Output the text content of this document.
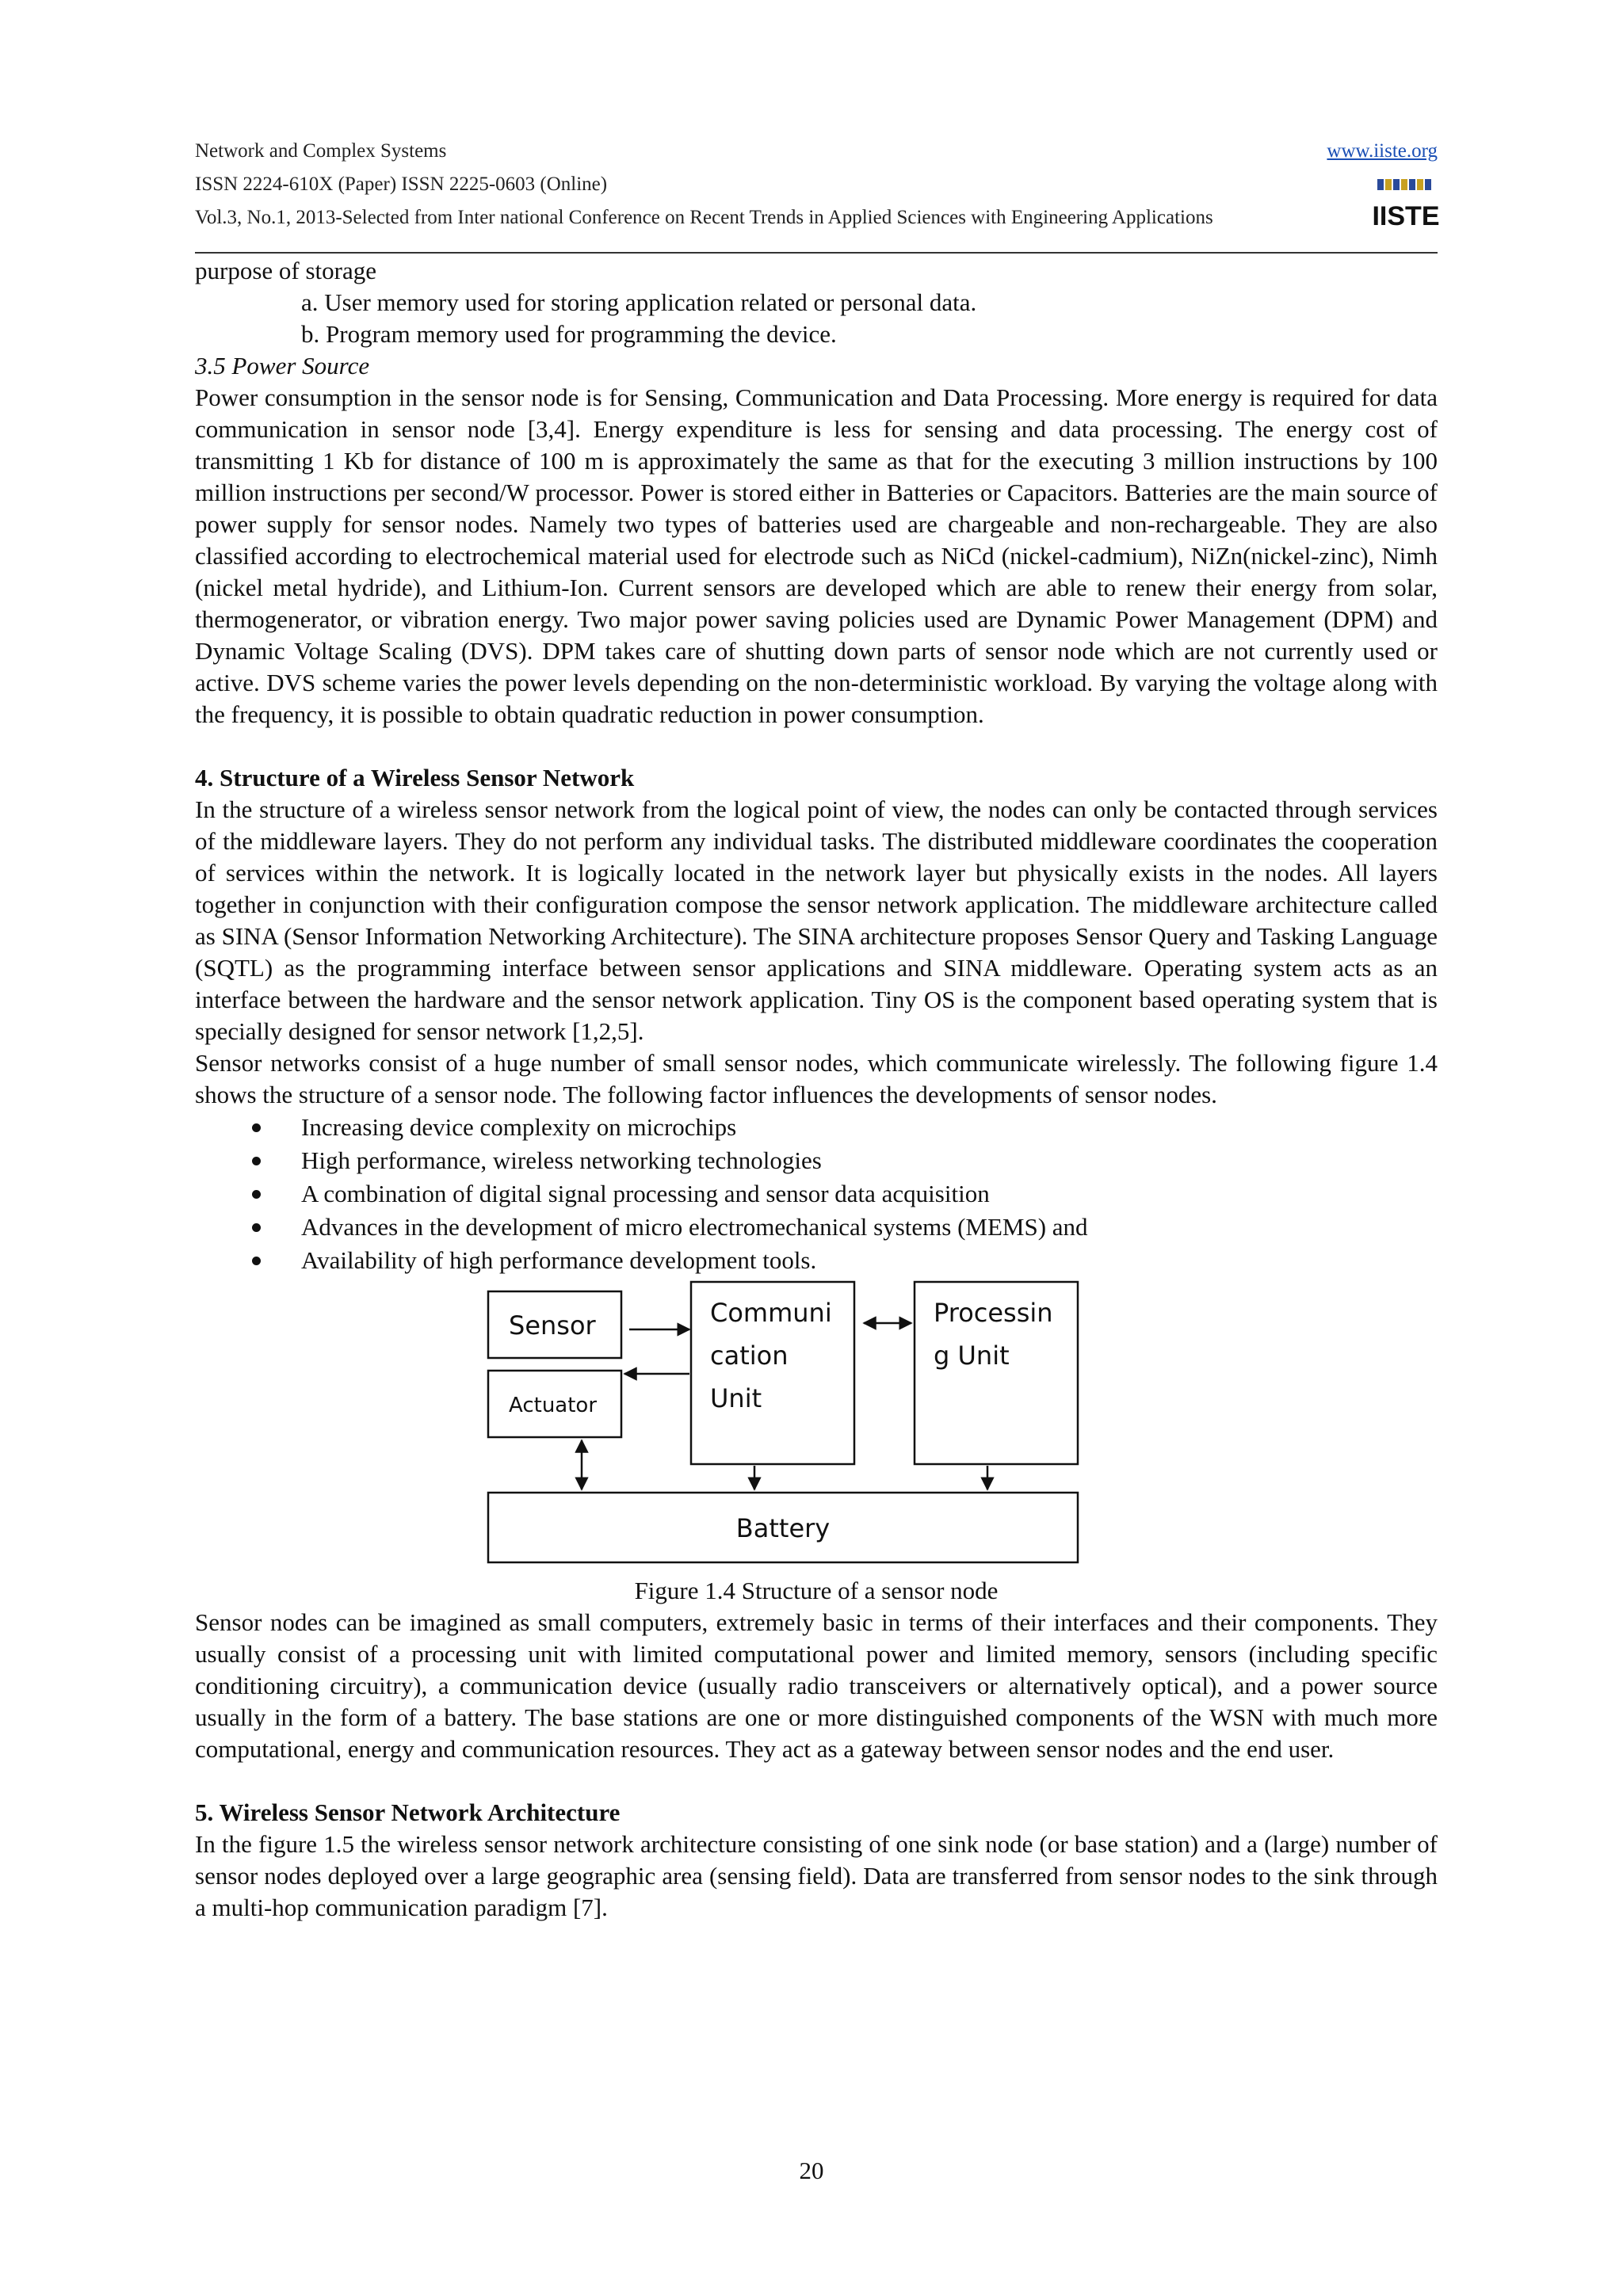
Network and Complex Systems
ISSN 2224-610X (Paper) ISSN 2225-0603 (Online)
Vol.3, No.1, 2013-Selected from Inter national Conference on Recent Trends in Applied Sciences with Engineering Applications
www.iiste.org
IISTE

purpose of storage

a. User memory used for storing application related or personal data.

b. Program memory used for programming the device.

3.5 Power Source

Power consumption in the sensor node is for Sensing, Communication and Data Processing. More energy is required for data communication in sensor node [3,4]. Energy expenditure is less for sensing and data processing. The energy cost of transmitting 1 Kb for distance of 100 m is approximately the same as that for the executing 3 million instructions by 100 million instructions per second/W processor. Power is stored either in Batteries or Capacitors. Batteries are the main source of power supply for sensor nodes. Namely two types of batteries used are chargeable and non-rechargeable. They are also classified according to electrochemical material used for electrode such as NiCd (nickel-cadmium), NiZn(nickel-zinc), Nimh (nickel metal hydride), and Lithium-Ion. Current sensors are developed which are able to renew their energy from solar, thermogenerator, or vibration energy. Two major power saving policies used are Dynamic Power Management (DPM) and Dynamic Voltage Scaling (DVS). DPM takes care of shutting down parts of sensor node which are not currently used or active. DVS scheme varies the power levels depending on the non-deterministic workload. By varying the voltage along with the frequency, it is possible to obtain quadratic reduction in power consumption.

4. Structure of a Wireless Sensor Network

In the structure of a wireless sensor network from the logical point of view, the nodes can only be contacted through services of the middleware layers. They do not perform any individual tasks. The distributed middleware coordinates the cooperation of services within the network. It is logically located in the network layer but physically exists in the nodes. All layers together in conjunction with their configuration compose the sensor network application. The middleware architecture called as SINA (Sensor Information Networking Architecture). The SINA architecture proposes Sensor Query and Tasking Language (SQTL) as the programming interface between sensor applications and SINA middleware. Operating system acts as an interface between the hardware and the sensor network application. Tiny OS is the component based operating system that is specially designed for sensor network [1,2,5].

Sensor networks consist of a huge number of small sensor nodes, which communicate wirelessly. The following figure 1.4 shows the structure of a sensor node. The following factor influences the developments of sensor nodes.

Increasing device complexity on microchips
High performance, wireless networking technologies
A combination of digital signal processing and sensor data acquisition
Advances in the development of micro electromechanical systems (MEMS) and
Availability of high performance development tools.
Sensor
Actuator
Communi
cation
Unit
Processin
g Unit
Battery

Figure 1.4 Structure of a sensor node

Sensor nodes can be imagined as small computers, extremely basic in terms of their interfaces and their components. They usually consist of a processing unit with limited computational power and limited memory, sensors (including specific conditioning circuitry), a communication device (usually radio transceivers or alternatively optical), and a power source usually in the form of a battery. The base stations are one or more distinguished components of the WSN with much more computational, energy and communication resources. They act as a gateway between sensor nodes and the end user.

5. Wireless Sensor Network Architecture

In the figure 1.5 the wireless sensor network architecture consisting of one sink node (or base station) and a (large) number of sensor nodes deployed over a large geographic area (sensing field). Data are transferred from sensor nodes to the sink through a multi-hop communication paradigm [7].

20
